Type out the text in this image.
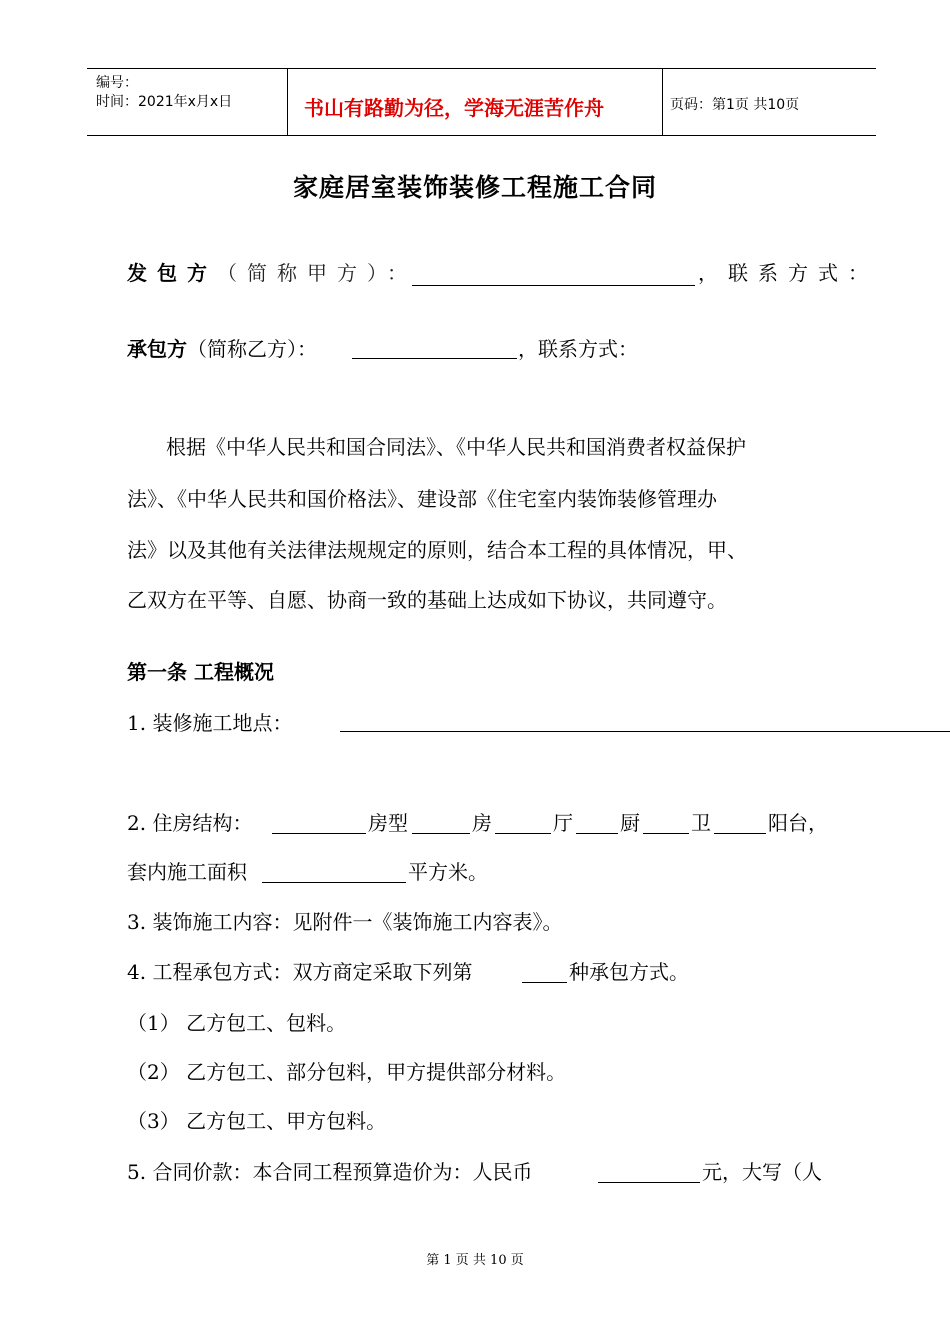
编号：
时间：2021年x月x日	书山有路勤为径，学海无涯苦作舟	页码：第1页 共10页
家庭居室装饰装修工程施工合同
发包方（简称甲方）：	，联系方式：
承包方（简称乙方）：	，联系方式：
根据《中华人民共和国合同法》、《中华人民共和国消费者权益保护
法》、《中华人民共和国价格法》、建设部《住宅室内装饰装修管理办
法》以及其他有关法律法规规定的原则，结合本工程的具体情况，甲、
乙双方在平等、自愿、协商一致的基础上达成如下协议，共同遵守。
第一条 工程概况
1. 装修施工地点：
2. 住房结构：	房型	房	厅 厨	卫	阳台，
套内施工面积	平方米。
3. 装饰施工内容：见附件一《装饰施工内容表》。
4. 工程承包方式：双方商定采取下列第	种承包方式。
（1） 乙方包工、包料。
（2） 乙方包工、部分包料，甲方提供部分材料。
（3） 乙方包工、甲方包料。
5. 合同价款：本合同工程预算造价为：人民币	元，大写（人
第 1 页 共 10 页
